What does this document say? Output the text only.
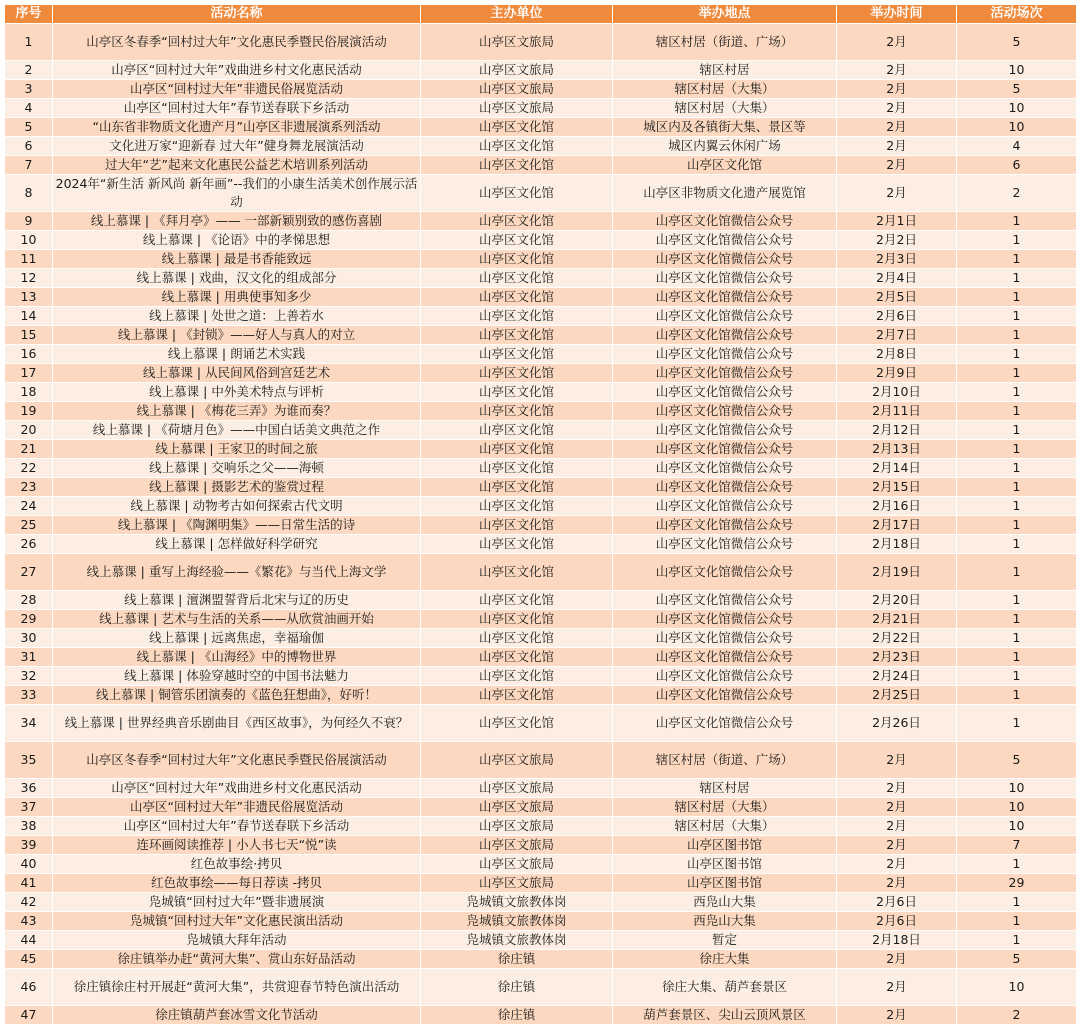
序号	活动名称	主办单位	举办地点	举办时间	活动场次
1	山亭区冬春季“回村过大年”文化惠民季暨民俗展演活动	山亭区文旅局	辖区村居（街道、广场）	2月	5
2	山亭区“回村过大年”戏曲进乡村文化惠民活动	山亭区文旅局	辖区村居	2月	10
3	山亭区“回村过大年”非遗民俗展览活动	山亭区文旅局	辖区村居（大集）	2月	5
4	山亭区“回村过大年”春节送春联下乡活动	山亭区文旅局	辖区村居（大集）	2月	10
5	“山东省非物质文化遗产月”山亭区非遗展演系列活动	山亭区文化馆	城区内及各镇街大集、景区等	2月	10
6	文化进万家“迎新春 过大年”健身舞龙展演活动	山亭区文化馆	城区内翼云休闲广场	2月	4
7	过大年“艺”起来文化惠民公益艺术培训系列活动	山亭区文化馆	山亭区文化馆	2月	6
8	2024年“新生活 新风尚 新年画”--我们的小康生活美术创作展示活动	山亭区文化馆	山亭区非物质文化遗产展览馆	2月	2
9	线上慕课 | 《拜月亭》—— 一部新颖别致的感伤喜剧	山亭区文化馆	山亭区文化馆微信公众号	2月1日	1
10	线上慕课 | 《论语》中的孝悌思想	山亭区文化馆	山亭区文化馆微信公众号	2月2日	1
11	线上慕课 | 最是书香能致远	山亭区文化馆	山亭区文化馆微信公众号	2月3日	1
12	线上慕课 | 戏曲，汉文化的组成部分	山亭区文化馆	山亭区文化馆微信公众号	2月4日	1
13	线上慕课 | 用典使事知多少	山亭区文化馆	山亭区文化馆微信公众号	2月5日	1
14	线上慕课 | 处世之道：上善若水	山亭区文化馆	山亭区文化馆微信公众号	2月6日	1
15	线上慕课 | 《封锁》——好人与真人的对立	山亭区文化馆	山亭区文化馆微信公众号	2月7日	1
16	线上慕课 | 朗诵艺术实践	山亭区文化馆	山亭区文化馆微信公众号	2月8日	1
17	线上慕课 | 从民间风俗到宫廷艺术	山亭区文化馆	山亭区文化馆微信公众号	2月9日	1
18	线上慕课 | 中外美术特点与评析	山亭区文化馆	山亭区文化馆微信公众号	2月10日	1
19	线上慕课 | 《梅花三弄》为谁而奏？	山亭区文化馆	山亭区文化馆微信公众号	2月11日	1
20	线上慕课 | 《荷塘月色》——中国白话美文典范之作	山亭区文化馆	山亭区文化馆微信公众号	2月12日	1
21	线上慕课 | 王家卫的时间之旅	山亭区文化馆	山亭区文化馆微信公众号	2月13日	1
22	线上慕课 | 交响乐之父——海顿	山亭区文化馆	山亭区文化馆微信公众号	2月14日	1
23	线上慕课 | 摄影艺术的鉴赏过程	山亭区文化馆	山亭区文化馆微信公众号	2月15日	1
24	线上慕课 | 动物考古如何探索古代文明	山亭区文化馆	山亭区文化馆微信公众号	2月16日	1
25	线上慕课 | 《陶渊明集》——日常生活的诗	山亭区文化馆	山亭区文化馆微信公众号	2月17日	1
26	线上慕课 | 怎样做好科学研究	山亭区文化馆	山亭区文化馆微信公众号	2月18日	1
27	线上慕课 | 重写上海经验——《繁花》与当代上海文学	山亭区文化馆	山亭区文化馆微信公众号	2月19日	1
28	线上慕课 | 澶渊盟誓背后北宋与辽的历史	山亭区文化馆	山亭区文化馆微信公众号	2月20日	1
29	线上慕课 | 艺术与生活的关系——从欣赏油画开始	山亭区文化馆	山亭区文化馆微信公众号	2月21日	1
30	线上慕课 | 远离焦虑，幸福瑜伽	山亭区文化馆	山亭区文化馆微信公众号	2月22日	1
31	线上慕课 | 《山海经》中的博物世界	山亭区文化馆	山亭区文化馆微信公众号	2月23日	1
32	线上慕课 | 体验穿越时空的中国书法魅力	山亭区文化馆	山亭区文化馆微信公众号	2月24日	1
33	线上慕课 | 铜管乐团演奏的《蓝色狂想曲》，好听！	山亭区文化馆	山亭区文化馆微信公众号	2月25日	1
34	线上慕课 | 世界经典音乐剧曲目《西区故事》，为何经久不衰？	山亭区文化馆	山亭区文化馆微信公众号	2月26日	1
35	山亭区冬春季“回村过大年”文化惠民季暨民俗展演活动	山亭区文旅局	辖区村居（街道、广场）	2月	5
36	山亭区“回村过大年”戏曲进乡村文化惠民活动	山亭区文旅局	辖区村居	2月	10
37	山亭区“回村过大年”非遗民俗展览活动	山亭区文旅局	辖区村居（大集）	2月	10
38	山亭区“回村过大年”春节送春联下乡活动	山亭区文旅局	辖区村居（大集）	2月	10
39	连环画阅读推荐 | 小人书七天“悦”读	山亭区文旅局	山亭区图书馆	2月	7
40	红色故事绘·拷贝	山亭区文旅局	山亭区图书馆	2月	1
41	红色故事绘——每日荐读 -拷贝	山亭区文旅局	山亭区图书馆	2月	29
42	凫城镇“回村过大年”暨非遗展演	凫城镇文旅教体岗	西凫山大集	2月6日	1
43	凫城镇“回村过大年”文化惠民演出活动	凫城镇文旅教体岗	西凫山大集	2月6日	1
44	凫城镇大拜年活动	凫城镇文旅教体岗	暂定	2月18日	1
45	徐庄镇举办赶“黄河大集”、赏山东好品活动	徐庄镇	徐庄大集	2月	5
46	徐庄镇徐庄村开展赶“黄河大集”，共赏迎春节特色演出活动	徐庄镇	徐庄大集、葫芦套景区	2月	10
47	徐庄镇葫芦套冰雪文化节活动	徐庄镇	葫芦套景区、尖山云顶风景区	2月	2
